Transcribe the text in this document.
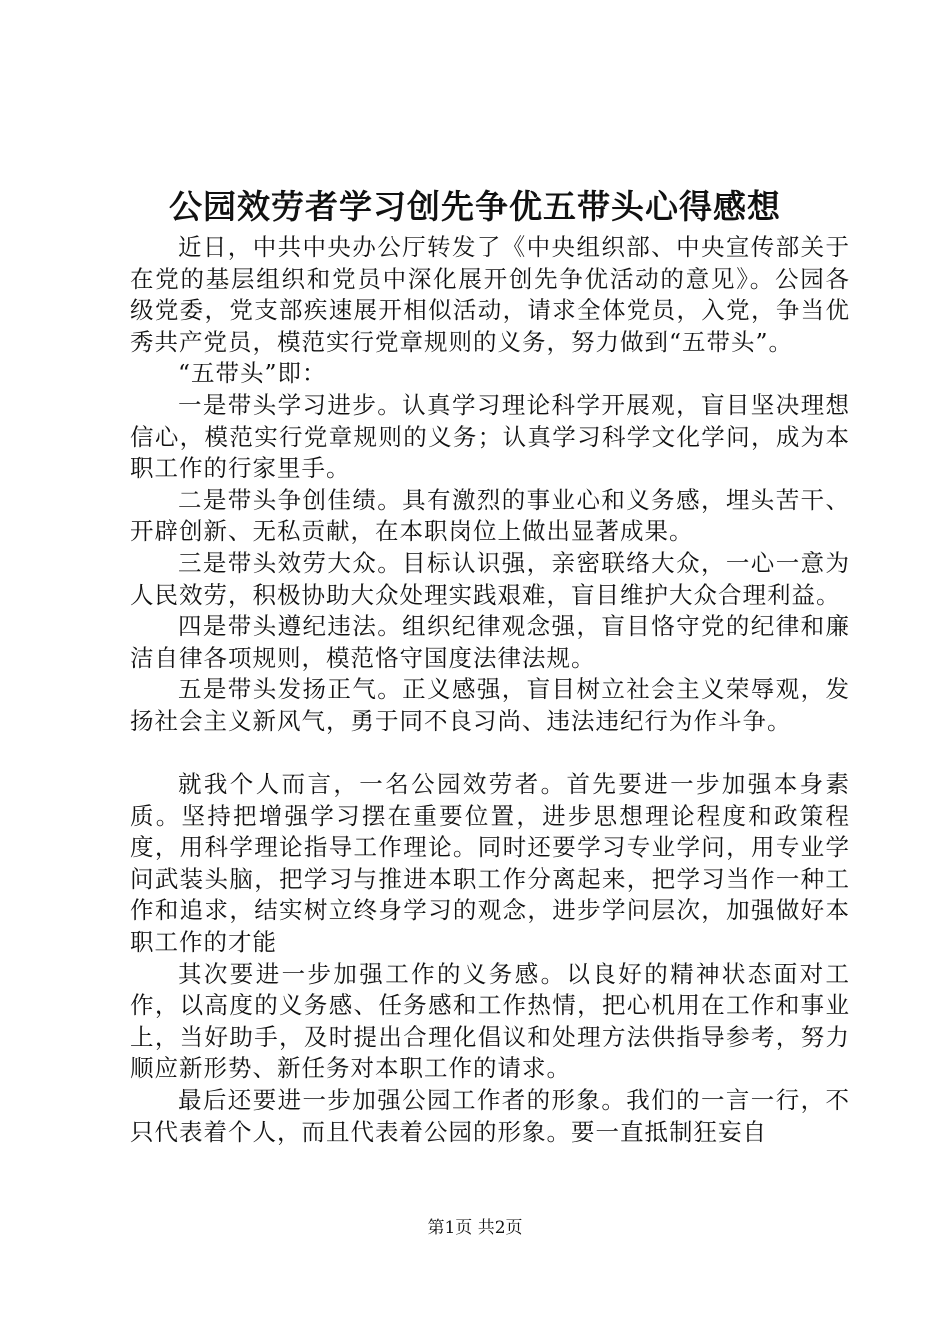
公园效劳者学习创先争优五带头心得感想

近日，中共中央办公厅转发了《中央组织部、中央宣传部关于在党的基层组织和党员中深化展开创先争优活动的意见》。公园各级党委，党支部疾速展开相似活动，请求全体党员，入党，争当优秀共产党员，模范实行党章规则的义务，努力做到“五带头”。

“五带头”即：

一是带头学习进步。认真学习理论科学开展观，盲目坚决理想信心，模范实行党章规则的义务；认真学习科学文化学问，成为本职工作的行家里手。

二是带头争创佳绩。具有激烈的事业心和义务感，埋头苦干、开辟创新、无私贡献，在本职岗位上做出显著成果。

三是带头效劳大众。目标认识强，亲密联络大众，一心一意为人民效劳，积极协助大众处理实践艰难，盲目维护大众合理利益。

四是带头遵纪违法。组织纪律观念强，盲目恪守党的纪律和廉洁自律各项规则，模范恪守国度法律法规。

五是带头发扬正气。正义感强，盲目树立社会主义荣辱观，发扬社会主义新风气，勇于同不良习尚、违法违纪行为作斗争。

就我个人而言，一名公园效劳者。首先要进一步加强本身素质。坚持把增强学习摆在重要位置，进步思想理论程度和政策程度，用科学理论指导工作理论。同时还要学习专业学问，用专业学问武装头脑，把学习与推进本职工作分离起来，把学习当作一种工作和追求，结实树立终身学习的观念，进步学问层次，加强做好本职工作的才能

其次要进一步加强工作的义务感。以良好的精神状态面对工作，以高度的义务感、任务感和工作热情，把心机用在工作和事业上，当好助手，及时提出合理化倡议和处理方法供指导参考，努力顺应新形势、新任务对本职工作的请求。

最后还要进一步加强公园工作者的形象。我们的一言一行，不只代表着个人，而且代表着公园的形象。要一直抵制狂妄自

第1页 共2页
